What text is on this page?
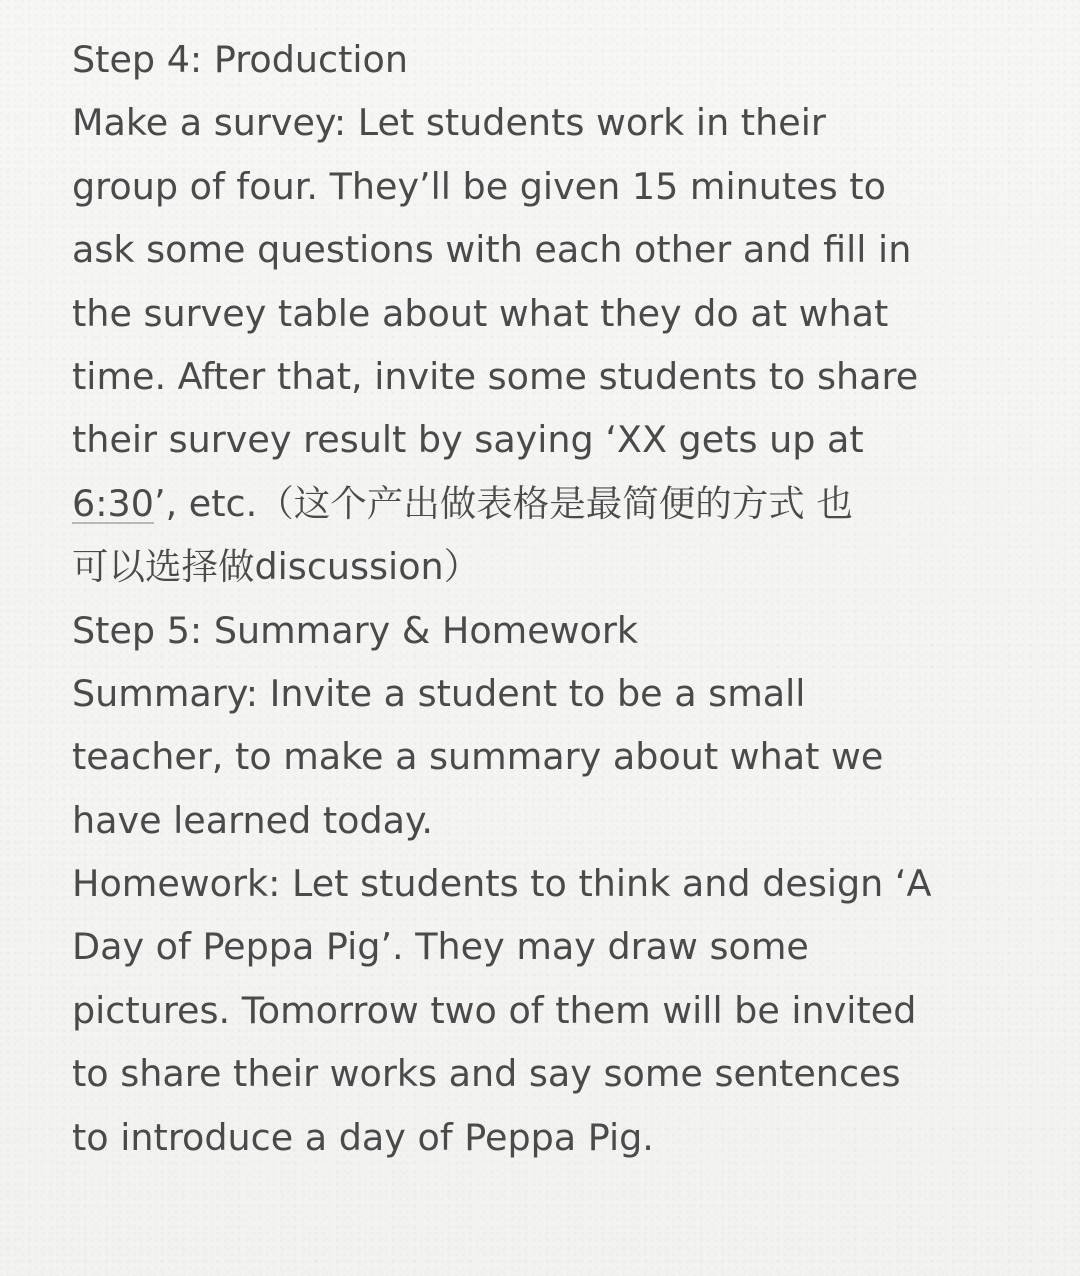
Step 4: Production
Make a survey: Let students work in their
group of four. They’ll be given 15 minutes to
ask some questions with each other and fill in
the survey table about what they do at what
time. After that, invite some students to share
their survey result by saying ‘XX gets up at
6:30’, etc.（这个产出做表格是最简便的方式 也
可以选择做discussion）
Step 5: Summary & Homework
Summary: Invite a student to be a small
teacher, to make a summary about what we
have learned today.
Homework: Let students to think and design ‘A
Day of Peppa Pig’. They may draw some
pictures. Tomorrow two of them will be invited
to share their works and say some sentences
to introduce a day of Peppa Pig.
